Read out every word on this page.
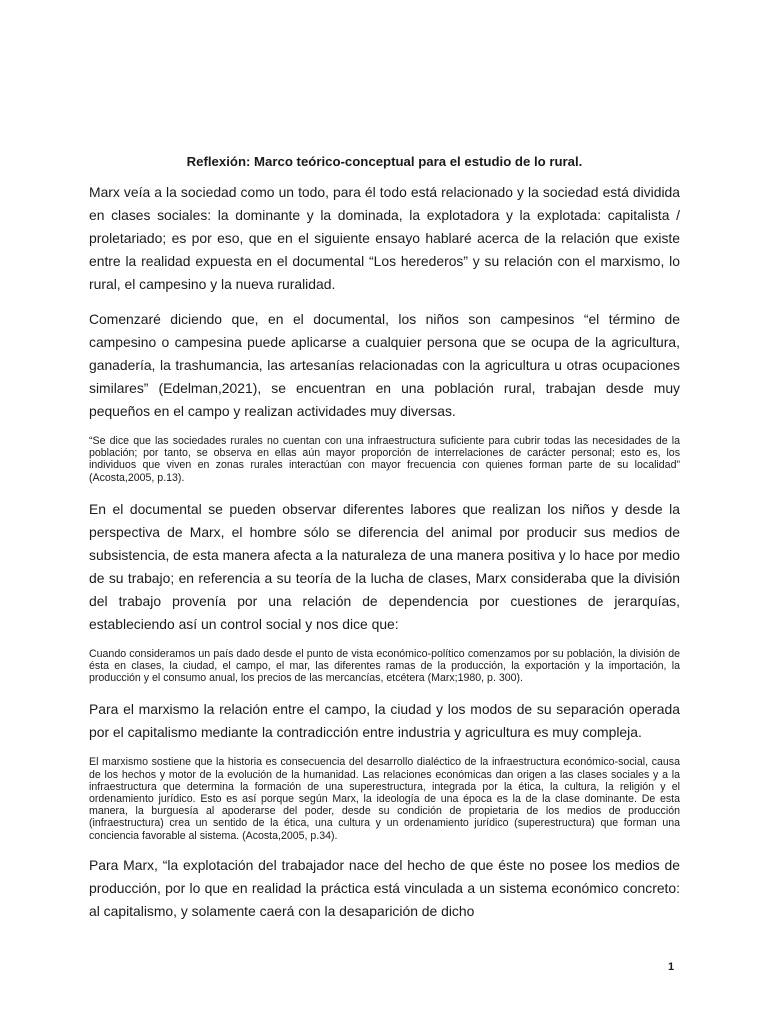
Reflexión: Marco teórico-conceptual para el estudio de lo rural.

Marx veía a la sociedad como un todo, para él todo está relacionado y la sociedad está dividida en clases sociales: la dominante y la dominada, la explotadora y la explotada: capitalista / proletariado; es por eso, que en el siguiente ensayo hablaré acerca de la relación que existe entre la realidad expuesta en el documental “Los herederos” y su relación con el marxismo, lo rural, el campesino y la nueva ruralidad.

Comenzaré diciendo que, en el documental, los niños son campesinos “el término de campesino o campesina puede aplicarse a cualquier persona que se ocupa de la agricultura, ganadería, la trashumancia, las artesanías relacionadas con la agricultura u otras ocupaciones similares” (Edelman,2021), se encuentran en una población rural, trabajan desde muy pequeños en el campo y realizan actividades muy diversas.

“Se dice que las sociedades rurales no cuentan con una infraestructura suficiente para cubrir todas las necesidades de la población; por tanto, se observa en ellas aún mayor proporción de interrelaciones de carácter personal; esto es, los individuos que viven en zonas rurales interactúan con mayor frecuencia con quienes forman parte de su localidad” (Acosta,2005, p.13).

En el documental se pueden observar diferentes labores que realizan los niños y desde la perspectiva de Marx, el hombre sólo se diferencia del animal por producir sus medios de subsistencia, de esta manera afecta a la naturaleza de una manera positiva y lo hace por medio de su trabajo; en referencia a su teoría de la lucha de clases, Marx consideraba que la división del trabajo provenía por una relación de dependencia por cuestiones de jerarquías, estableciendo así un control social y nos dice que:

Cuando consideramos un país dado desde el punto de vista económico-político comenzamos por su población, la división de ésta en clases, la ciudad, el campo, el mar, las diferentes ramas de la producción, la exportación y la importación, la producción y el consumo anual, los precios de las mercancías, etcétera (Marx;1980, p. 300).

Para el marxismo la relación entre el campo, la ciudad y los modos de su separación operada por el capitalismo mediante la contradicción entre industria y agricultura es muy compleja.

El marxismo sostiene que la historia es consecuencia del desarrollo dialéctico de la infraestructura económico-social, causa de los hechos y motor de la evolución de la humanidad. Las relaciones económicas dan origen a las clases sociales y a la infraestructura que determina la formación de una superestructura, integrada por la ética, la cultura, la religión y el ordenamiento jurídico. Esto es así porque según Marx, la ideología de una época es la de la clase dominante. De esta manera, la burguesía al apoderarse del poder, desde su condición de propietaria de los medios de producción (infraestructura) crea un sentido de la ética, una cultura y un ordenamiento jurídico (superestructura) que forman una conciencia favorable al sistema. (Acosta,2005, p.34).

Para Marx, “la explotación del trabajador nace del hecho de que éste no posee los medios de producción, por lo que en realidad la práctica está vinculada a un sistema económico concreto: al capitalismo, y solamente caerá con la desaparición de dicho

1
